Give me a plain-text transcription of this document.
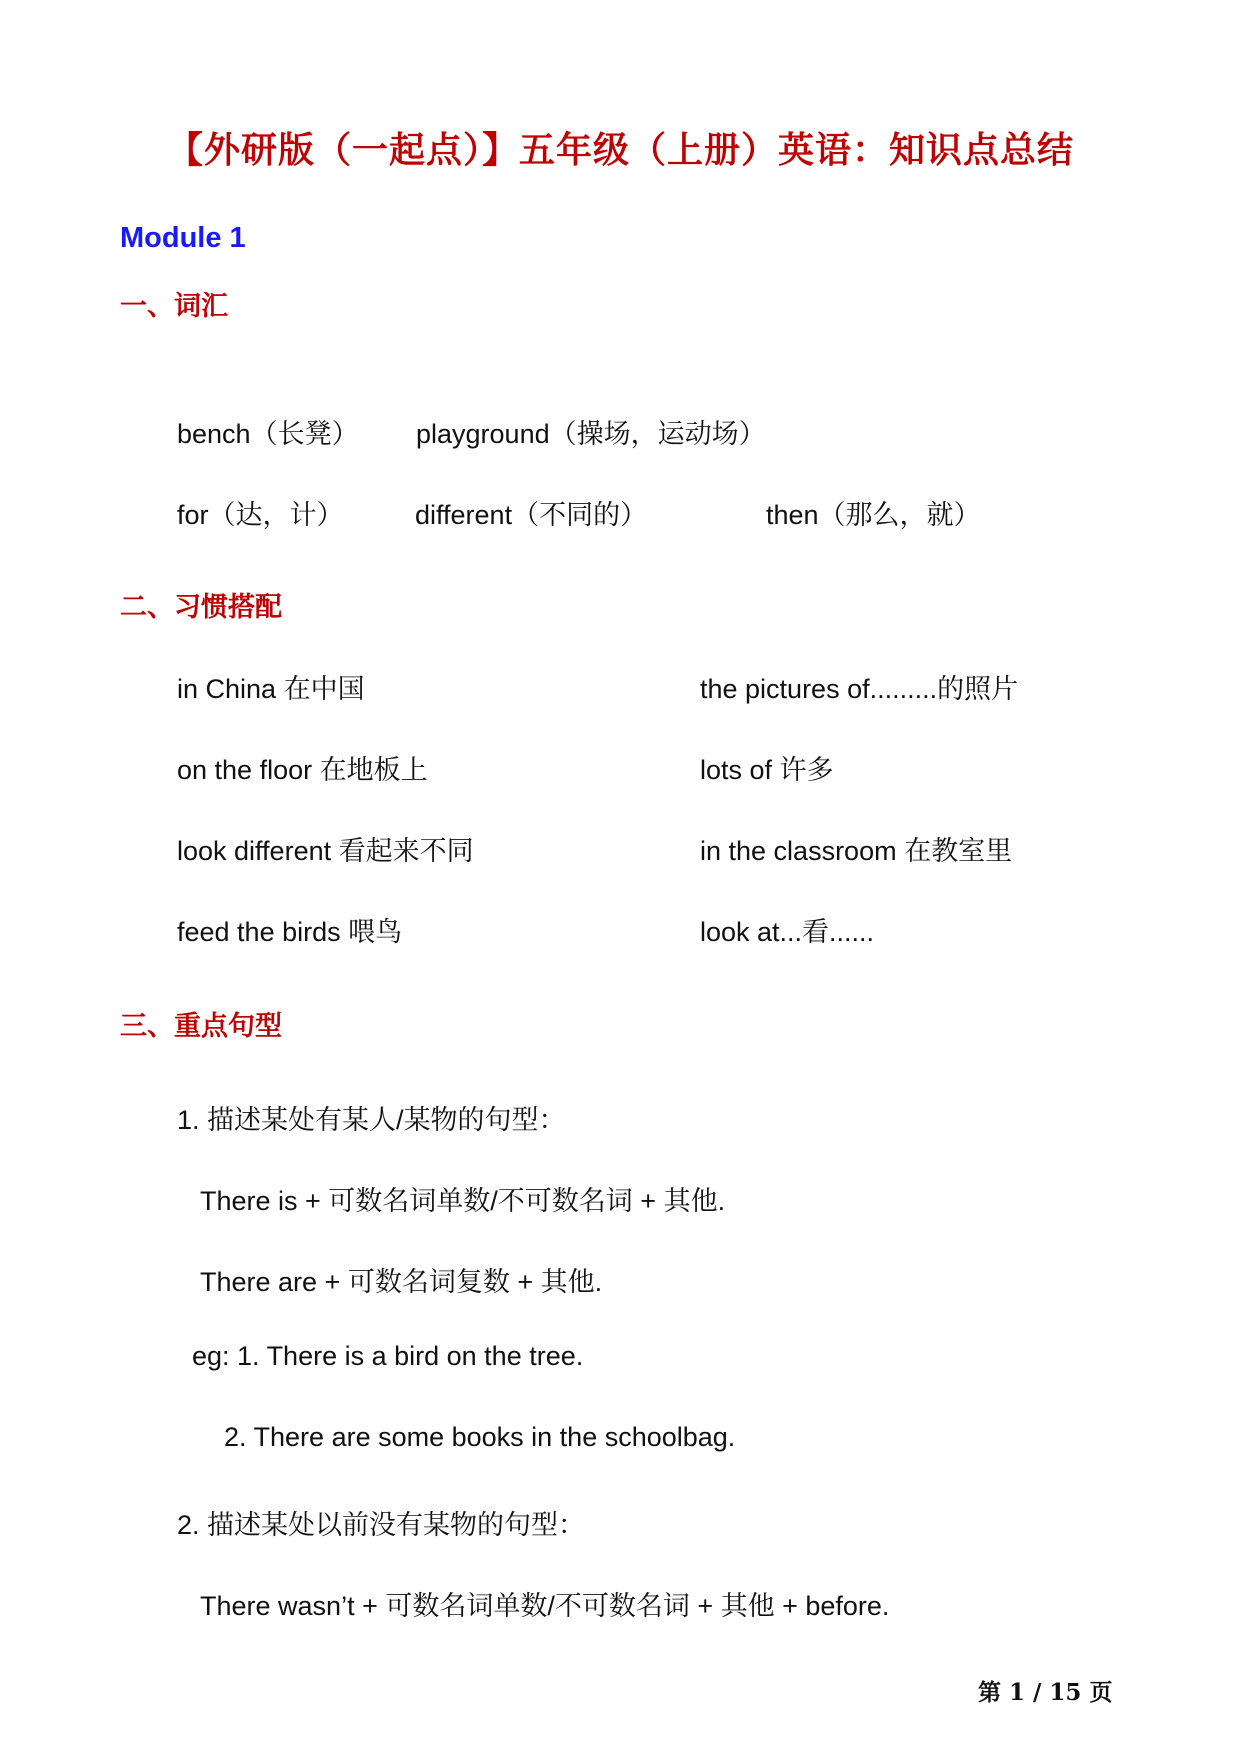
【外研版（一起点）】五年级（上册）英语：知识点总结
Module 1
一、词汇
bench（长凳） playground（操场，运动场）
for（达，计）	different（不同的）	then（那么，就）
二、习惯搭配
in China 在中国	the pictures of.........的照片
on the floor 在地板上	lots of 许多
look different 看起来不同	in the classroom 在教室里
feed the birds 喂鸟	look at...看......
三、重点句型
1. 描述某处有某人/某物的句型：
There is + 可数名词单数/不可数名词 + 其他.
There are + 可数名词复数 + 其他.
eg: 1. There is a bird on the tree.
2. There are some books in the schoolbag.
2. 描述某处以前没有某物的句型：
There wasn’t + 可数名词单数/不可数名词 + 其他 + before.
第 1 / 15 页
